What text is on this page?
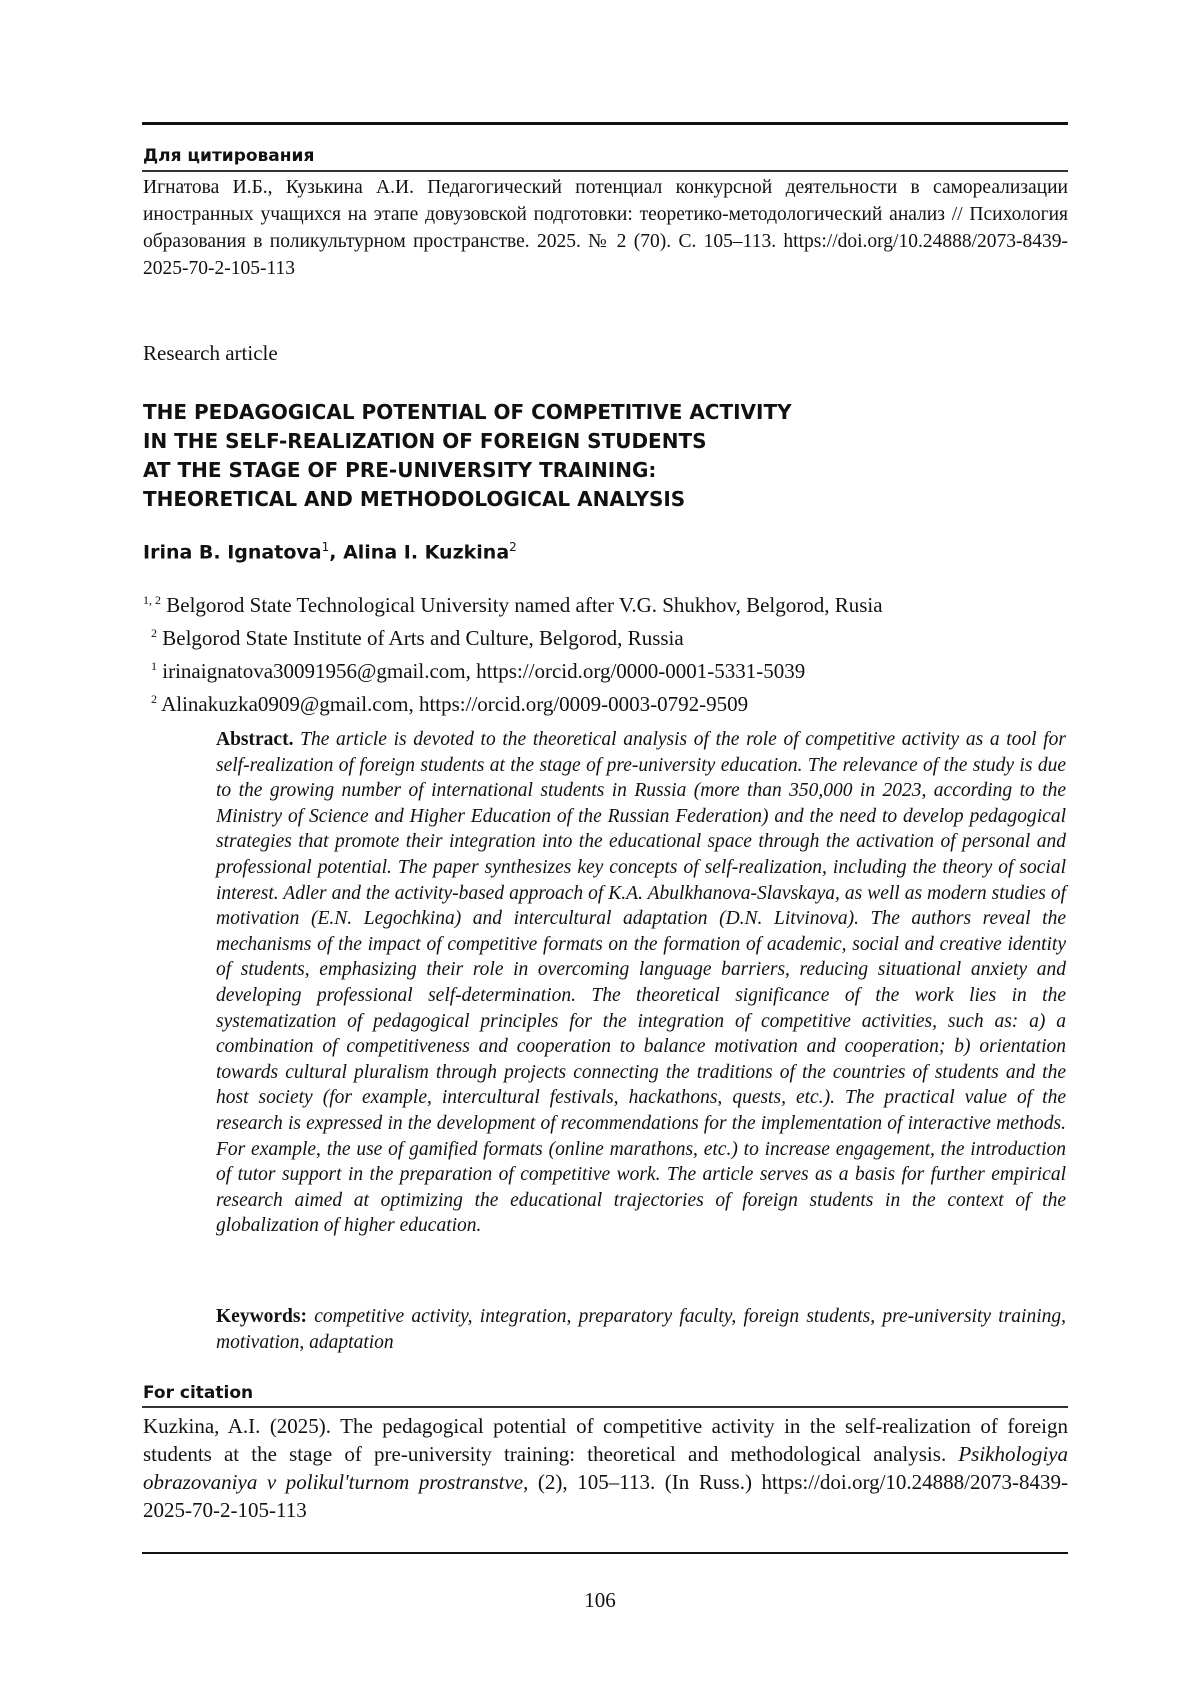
Для цитирования
Игнатова И.Б., Кузькина А.И. Педагогический потенциал конкурсной деятельности в самореализации иностранных учащихся на этапе довузовской подготовки: теоретико-методологический анализ // Психология образования в поликультурном пространстве. 2025. № 2 (70). С. 105–113. https://doi.org/10.24888/2073-8439-2025-70-2-105-113
Research article
THE PEDAGOGICAL POTENTIAL OF COMPETITIVE ACTIVITY
IN THE SELF-REALIZATION OF FOREIGN STUDENTS
AT THE STAGE OF PRE-UNIVERSITY TRAINING:
THEORETICAL AND METHODOLOGICAL ANALYSIS
Irina B. Ignatova1, Alina I. Kuzkina2
1, 2 Belgorod State Technological University named after V.G. Shukhov, Belgorod, Rusia
2 Belgorod State Institute of Arts and Culture, Belgorod, Russia
1 irinaignatova30091956@gmail.com, https://orcid.org/0000-0001-5331-5039
2 Alinakuzka0909@gmail.com, https://orcid.org/0009-0003-0792-9509
Abstract. The article is devoted to the theoretical analysis of the role of competitive activity as a tool for self-realization of foreign students at the stage of pre-university education. The relevance of the study is due to the growing number of international students in Russia (more than 350,000 in 2023, according to the Ministry of Science and Higher Education of the Russian Federation) and the need to develop pedagogical strategies that promote their integration into the educational space through the activation of personal and professional potential. The paper synthesizes key concepts of self-realization, including the theory of social interest. Adler and the activity-based approach of K.A. Abulkhanova-Slavskaya, as well as modern studies of motivation (E.N. Legochkina) and intercultural adaptation (D.N. Litvinova). The authors reveal the mechanisms of the impact of competitive formats on the formation of academic, social and creative identity of students, emphasizing their role in overcoming language barriers, reducing situational anxiety and developing professional self-determination. The theoretical significance of the work lies in the systematization of pedagogical principles for the integration of competitive activities, such as: a) a combination of competitiveness and cooperation to balance motivation and cooperation; b) orientation towards cultural pluralism through projects connecting the traditions of the countries of students and the host society (for example, intercultural festivals, hackathons, quests, etc.). The practical value of the research is expressed in the development of recommendations for the implementation of interactive methods. For example, the use of gamified formats (online marathons, etc.) to increase engagement, the introduction of tutor support in the preparation of competitive work. The article serves as a basis for further empirical research aimed at optimizing the educational trajectories of foreign students in the context of the globalization of higher education.
Keywords: competitive activity, integration, preparatory faculty, foreign students, pre-university training, motivation, adaptation
For citation
Kuzkina, A.I. (2025). The pedagogical potential of competitive activity in the self-realization of foreign students at the stage of pre-university training: theoretical and methodological analysis. Psikhologiya obrazovaniya v polikul'turnom prostranstve, (2), 105–113. (In Russ.) https://doi.org/10.24888/2073-8439-2025-70-2-105-113
106
